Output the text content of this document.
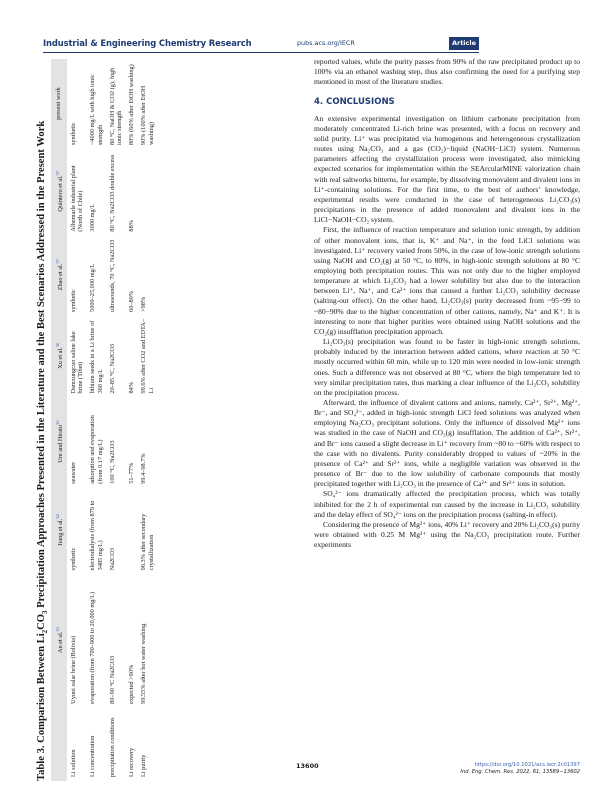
Industrial & Engineering Chemistry Research	pubs.acs.org/IECR	Article
Table 3. Comparison Between $Li_2CO_3$ Precipitation Approaches Presented in the Literature and the Best Scenarios Addressed in the Present Work
	An et al.$^{33}$	Jiang et al.$^{34}$	Um and Hirato$^{35}$	Xu et al.$^{36}$	Zhao et al.$^{37}$	Quintero et al.$^{37}$	present work
Li solution	Uyuni salar brine (Bolivia)	synthetic	seawater	Damxungcuo saline lake brine (Tibet)	synthetic	Albemarle industrial plant (North of Chile)	synthetic
Li concentration	evaporation (from 700–900 to 20,000 mg/L)	electrodialysis (from 879 to 3485 mg/L)	adsorption and evaporation (from 0.17 mg/L)	lithium seeds in a Li brine of 360 mg/L	5000–25,000 mg/L	3000 mg/L	~4000 mg/L with high ionic strength
precipitation conditions	80–90 °C Na2CO3	Na2CO3	100 °C, Na2CO3	20–85 °C, Na2CO3	ultrasounds, 70 °C, Na2CO3	80 °C, Na2CO3 double excess	80 °C, NaOH & CO2 (g), high ionic strength
Li recovery	expected >90%		51–77%	84%	60–80%	88%	80% (60% after EtOH washing)
Li purity	99.55% after hot water washing	96.3% after secondary crystallization	99.4–98.7%	99.6% after CO2 and EDTA–Li	>98%		90% (100% after EtOH washing)

reported values, while the purity passes from 90% of the raw precipitated product up to 100% via an ethanol washing step, thus also confirming the need for a purifying step mentioned in most of the literature studies.

4. CONCLUSIONS

An extensive experimental investigation on lithium carbonate precipitation from moderately concentrated Li-rich brine was presented, with a focus on recovery and solid purity. Li⁺ was precipitated via homogenous and heterogeneous crystallization routes using Na₂CO₃ and a gas (CO₂)−liquid (NaOH−LiCl) system. Numerous parameters affecting the crystallization process were investigated, also mimicking expected scenarios for implementation within the SEArcularMINE valorization chain with real saltworks bitterns, for example, by dissolving monovalent and divalent ions in Li⁺-containing solutions. For the first time, to the best of authors’ knowledge, experimental results were conducted in the case of heterogeneous Li₂CO₃(s) precipitations in the presence of added monovalent and divalent ions in the LiCl−NaOH−CO₂ system.

First, the influence of reaction temperature and solution ionic strength, by addition of other monovalent ions, that is, K⁺ and Na⁺, in the feed LiCl solutions was investigated. Li⁺ recovery varied from 50%, in the case of low-ionic strength solutions using NaOH and CO₂(g) at 50 °C, to 80%, in high-ionic strength solutions at 80 °C employing both precipitation routes. This was not only due to the higher employed temperature at which Li₂CO₃ had a lower solubility but also due to the interaction between Li⁺, Na⁺, and Ca²⁺ ions that caused a further Li₂CO₃ solubility decrease (salting-out effect). On the other hand, Li₂CO₃(s) purity decreased from ~95−99 to ~80−90% due to the higher concentration of other cations, namely, Na⁺ and K⁺. It is interesting to note that higher purities were obtained using NaOH solutions and the CO₂(g) insufflation precipitation approach.

Li₂CO₃(s) precipitation was found to be faster in high-ionic strength solutions, probably induced by the interaction between added cations, where reaction at 50 °C mostly occurred within 60 min, while up to 120 min were needed in low-ionic strength ones. Such a difference was not observed at 80 °C, where the high temperature led to very similar precipitation rates, thus marking a clear influence of the Li₂CO₃ solubility on the precipitation process.

Afterward, the influence of divalent cations and anions, namely, Ca²⁺, Sr²⁺, Mg²⁺, Br⁻, and SO₄²⁻, added in high-ionic strength LiCl feed solutions was analyzed when employing Na₂CO₃ precipitant solutions. Only the influence of dissolved Mg²⁺ ions was studied in the case of NaOH and CO₂(g) insufflation. The addition of Ca²⁺, Sr²⁺, and Br⁻ ions caused a slight decrease in Li⁺ recovery from ~80 to ~60% with respect to the case with no divalents. Purity considerably dropped to values of ~20% in the presence of Ca²⁺ and Sr²⁺ ions, while a negligible variation was observed in the presence of Br⁻ due to the low solubility of carbonate compounds that mostly precipitated together with Li₂CO₃ in the presence of Ca²⁺ and Sr²⁺ ions in solution.

SO₄²⁻ ions dramatically affected the precipitation process, which was totally inhibited for the 2 h of experimental run caused by the increase in Li₂CO₃ solubility and the delay effect of SO₄²⁻ ions on the precipitation process (salting-in effect).

Considering the presence of Mg²⁺ ions, 40% Li⁺ recovery and 20% Li₂CO₃(s) purity were obtained with 0.25 M Mg²⁺ using the Na₂CO₃ precipitation route. Further experiments

13600	https://doi.org/10.1021/acs.iecr.2c01397
Ind. Eng. Chem. Res. 2022, 61, 13589−13602
